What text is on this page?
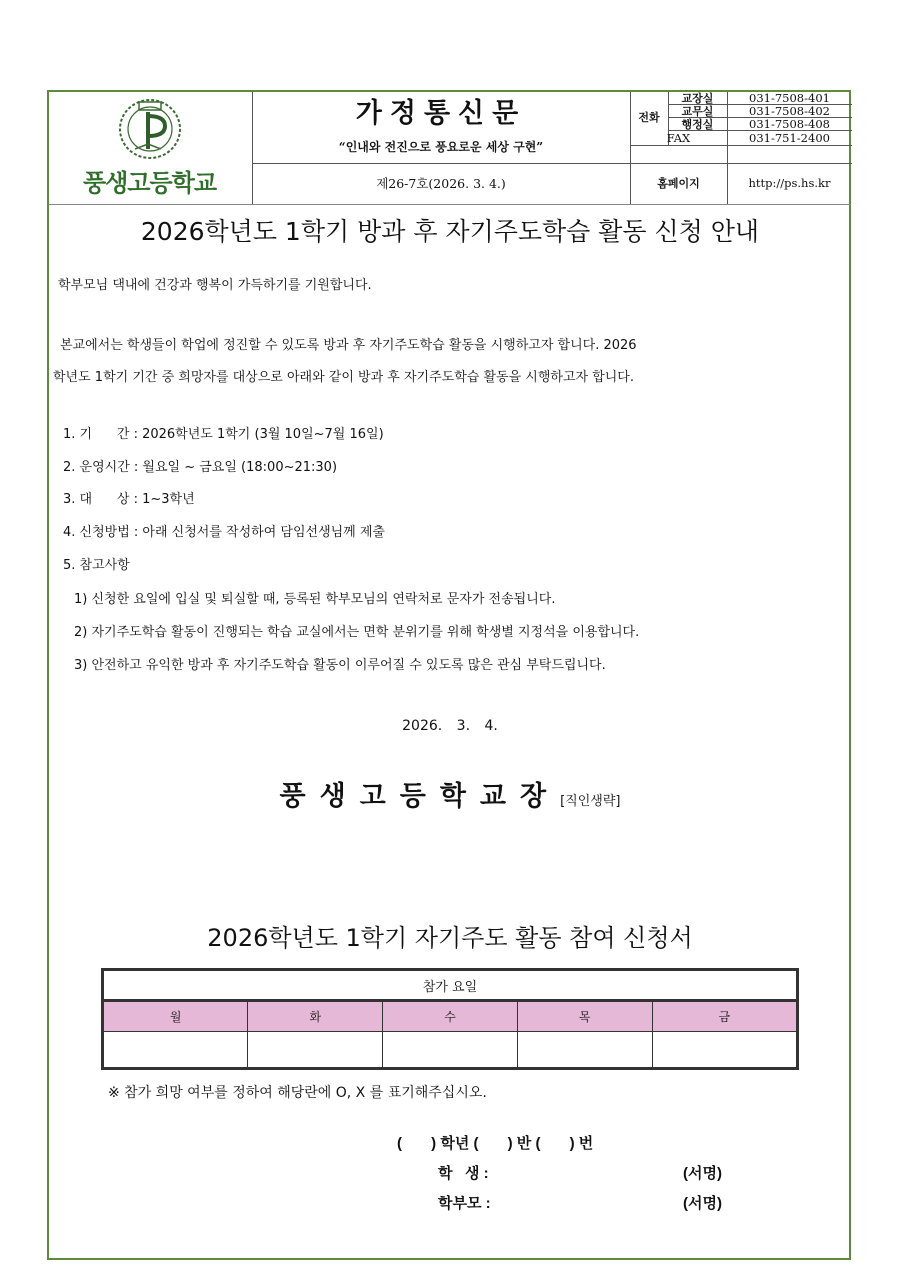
풍생고등학교
가정통신문
“인내와 전진으로 풍요로운 세상 구현”
제26-7호(2026. 3. 4.)
전화
교장실	031-7508-401
교무실	031-7508-402
행정실	031-7508-408
FAX	031-751-2400
홈페이지	http://ps.hs.kr
2026학년도 1학기 방과 후 자기주도학습 활동 신청 안내
학부모님 댁내에 건강과 행복이 가득하기를 기원합니다.
본교에서는 학생들이 학업에 정진할 수 있도록 방과 후 자기주도학습 활동을 시행하고자 합니다. 2026
학년도 1학기 기간 중 희망자를 대상으로 아래와 같이 방과 후 자기주도학습 활동을 시행하고자 합니다.
1. 기      간 : 2026학년도 1학기 (3월 10일~7월 16일)
2. 운영시간 : 월요일 ~ 금요일 (18:00~21:30)
3. 대      상 : 1~3학년
4. 신청방법 : 아래 신청서를 작성하여 담임선생님께 제출
5. 참고사항
1) 신청한 요일에 입실 및 퇴실할 때, 등록된 학부모님의 연락처로 문자가 전송됩니다.
2) 자기주도학습 활동이 진행되는 학습 교실에서는 면학 분위기를 위해 학생별 지정석을 이용합니다.
3) 안전하고 유익한 방과 후 자기주도학습 활동이 이루어질 수 있도록 많은 관심 부탁드립니다.
2026. 3. 4.
풍생고등학교장[직인생략]
2026학년도 1학기 자기주도 활동 참여 신청서
참가 요일				
월	화	수	목	금

※ 참가 희망 여부를 정하여 해당란에 O, X 를 표기해주십시오.
(       ) 학년 (       ) 반 (       ) 번
학   생 :	(서명)
학부모 :	(서명)
